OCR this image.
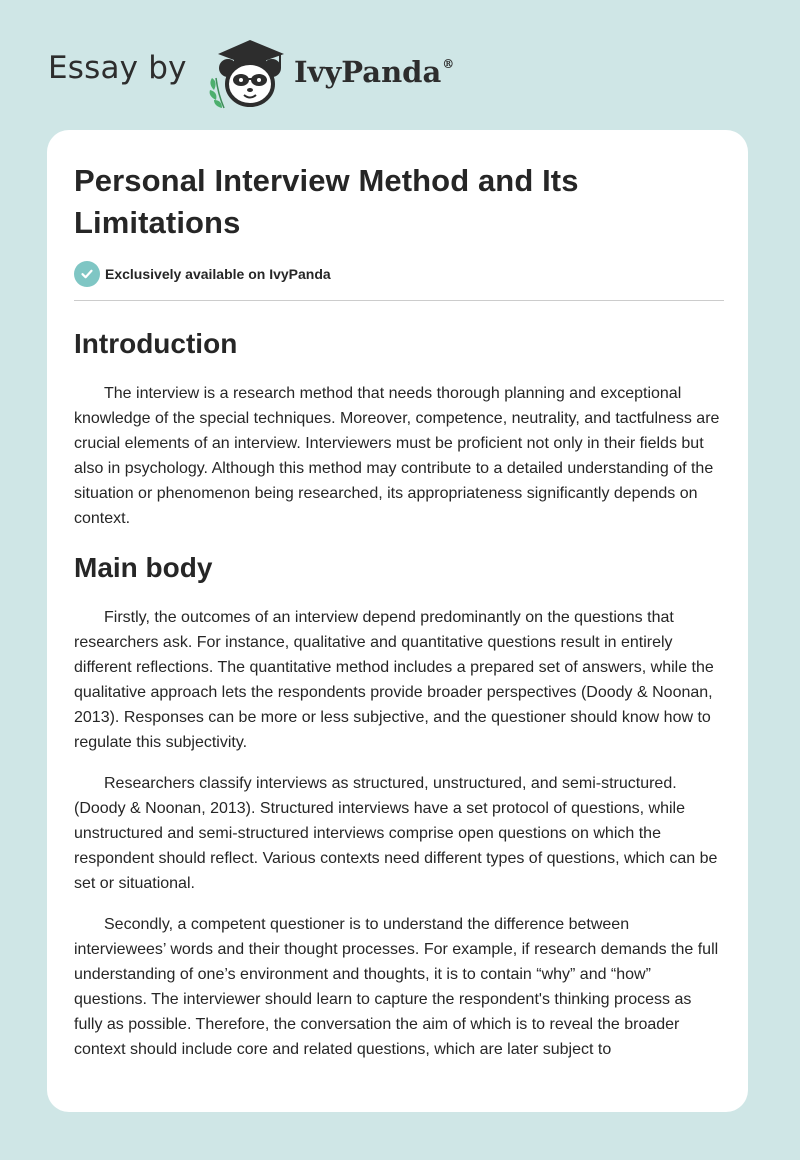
Essay by	IvyPanda®
Personal Interview Method and Its Limitations
Exclusively available on IvyPanda
Introduction

The interview is a research method that needs thorough planning and exceptional knowledge of the special techniques. Moreover, competence, neutrality, and tactfulness are crucial elements of an interview. Interviewers must be proficient not only in their fields but also in psychology. Although this method may contribute to a detailed understanding of the situation or phenomenon being researched, its appropriateness significantly depends on context.

Main body

Firstly, the outcomes of an interview depend predominantly on the questions that researchers ask. For instance, qualitative and quantitative questions result in entirely different reflections. The quantitative method includes a prepared set of answers, while the qualitative approach lets the respondents provide broader perspectives (Doody & Noonan, 2013). Responses can be more or less subjective, and the questioner should know how to regulate this subjectivity.

Researchers classify interviews as structured, unstructured, and semi-structured. (Doody & Noonan, 2013). Structured interviews have a set protocol of questions, while unstructured and semi-structured interviews comprise open questions on which the respondent should reflect. Various contexts need different types of questions, which can be set or situational.

Secondly, a competent questioner is to understand the difference between interviewees’ words and their thought processes. For example, if research demands the full understanding of one’s environment and thoughts, it is to contain “why” and “how” questions. The interviewer should learn to capture the respondent's thinking process as fully as possible. Therefore, the conversation the aim of which is to reveal the broader context should include core and related questions, which are later subject to
